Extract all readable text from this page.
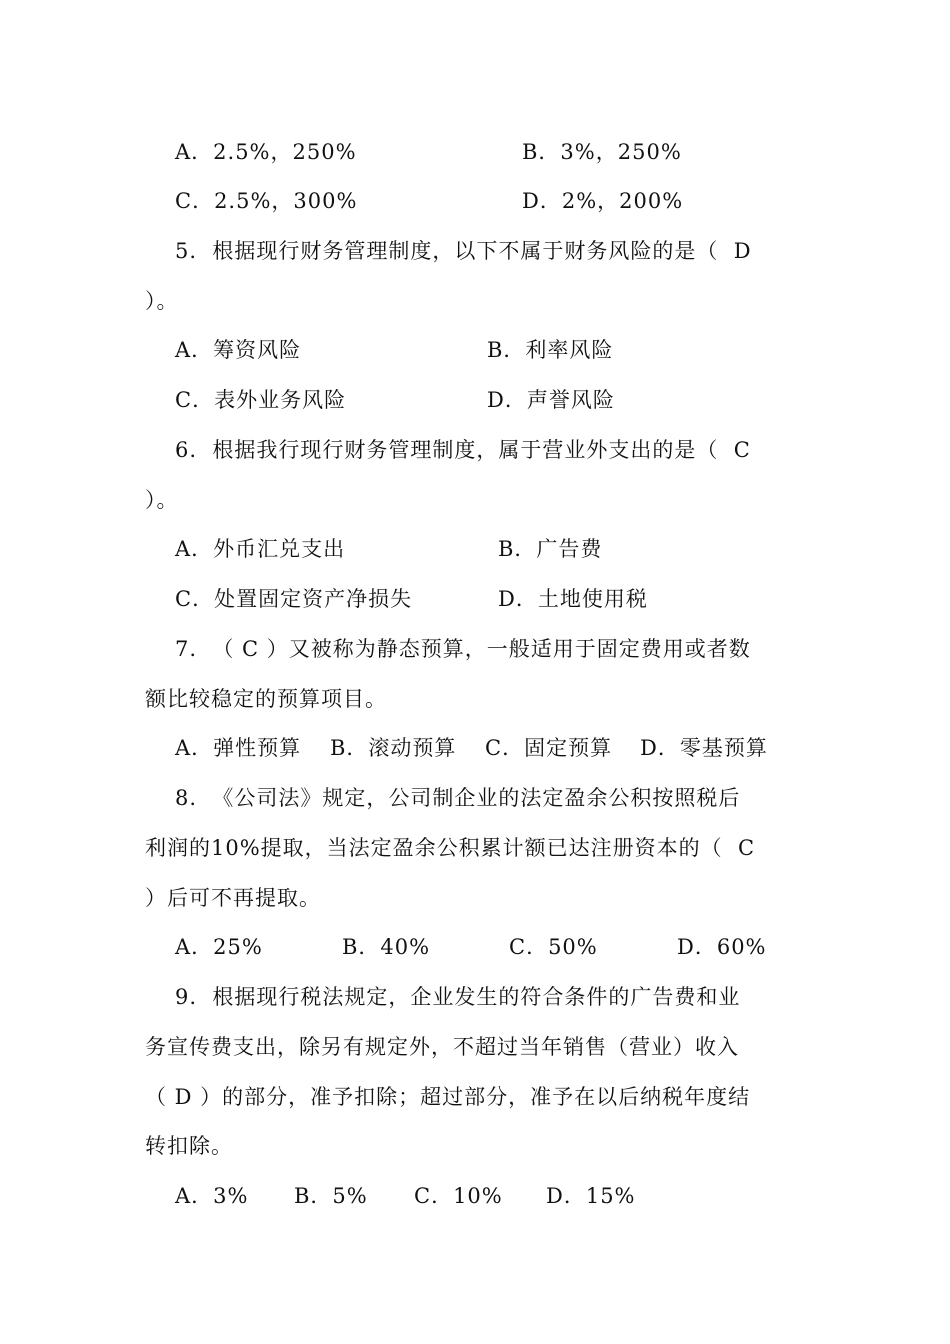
A．2.5%，250%	B．3%，250%
C．2.5%，300%	D．2%，200%
5.  根据现行财务管理制度，以下不属于财务风险的是（  D
）。
A．筹资风险	B．利率风险
C．表外业务风险	D．声誉风险
6.  根据我行现行财务管理制度，属于营业外支出的是（  C
）。
A．外币汇兑支出	B．广告费
C．处置固定资产净损失	D．土地使用税
7.  （ C ）又被称为静态预算，一般适用于固定费用或者数
额比较稳定的预算项目。
A．弹性预算 B．滚动预算 C．固定预算 D．零基预算
8.  《公司法》规定，公司制企业的法定盈余公积按照税后
利润的10%提取，当法定盈余公积累计额已达注册资本的（  C
）后可不再提取。
A．25%	B．40%	C．50%	D．60%
9.  根据现行税法规定，企业发生的符合条件的广告费和业
务宣传费支出，除另有规定外，不超过当年销售（营业）收入
（ D ）的部分，准予扣除；超过部分，准予在以后纳税年度结
转扣除。
A．3% B．5% C．10% D．15%
